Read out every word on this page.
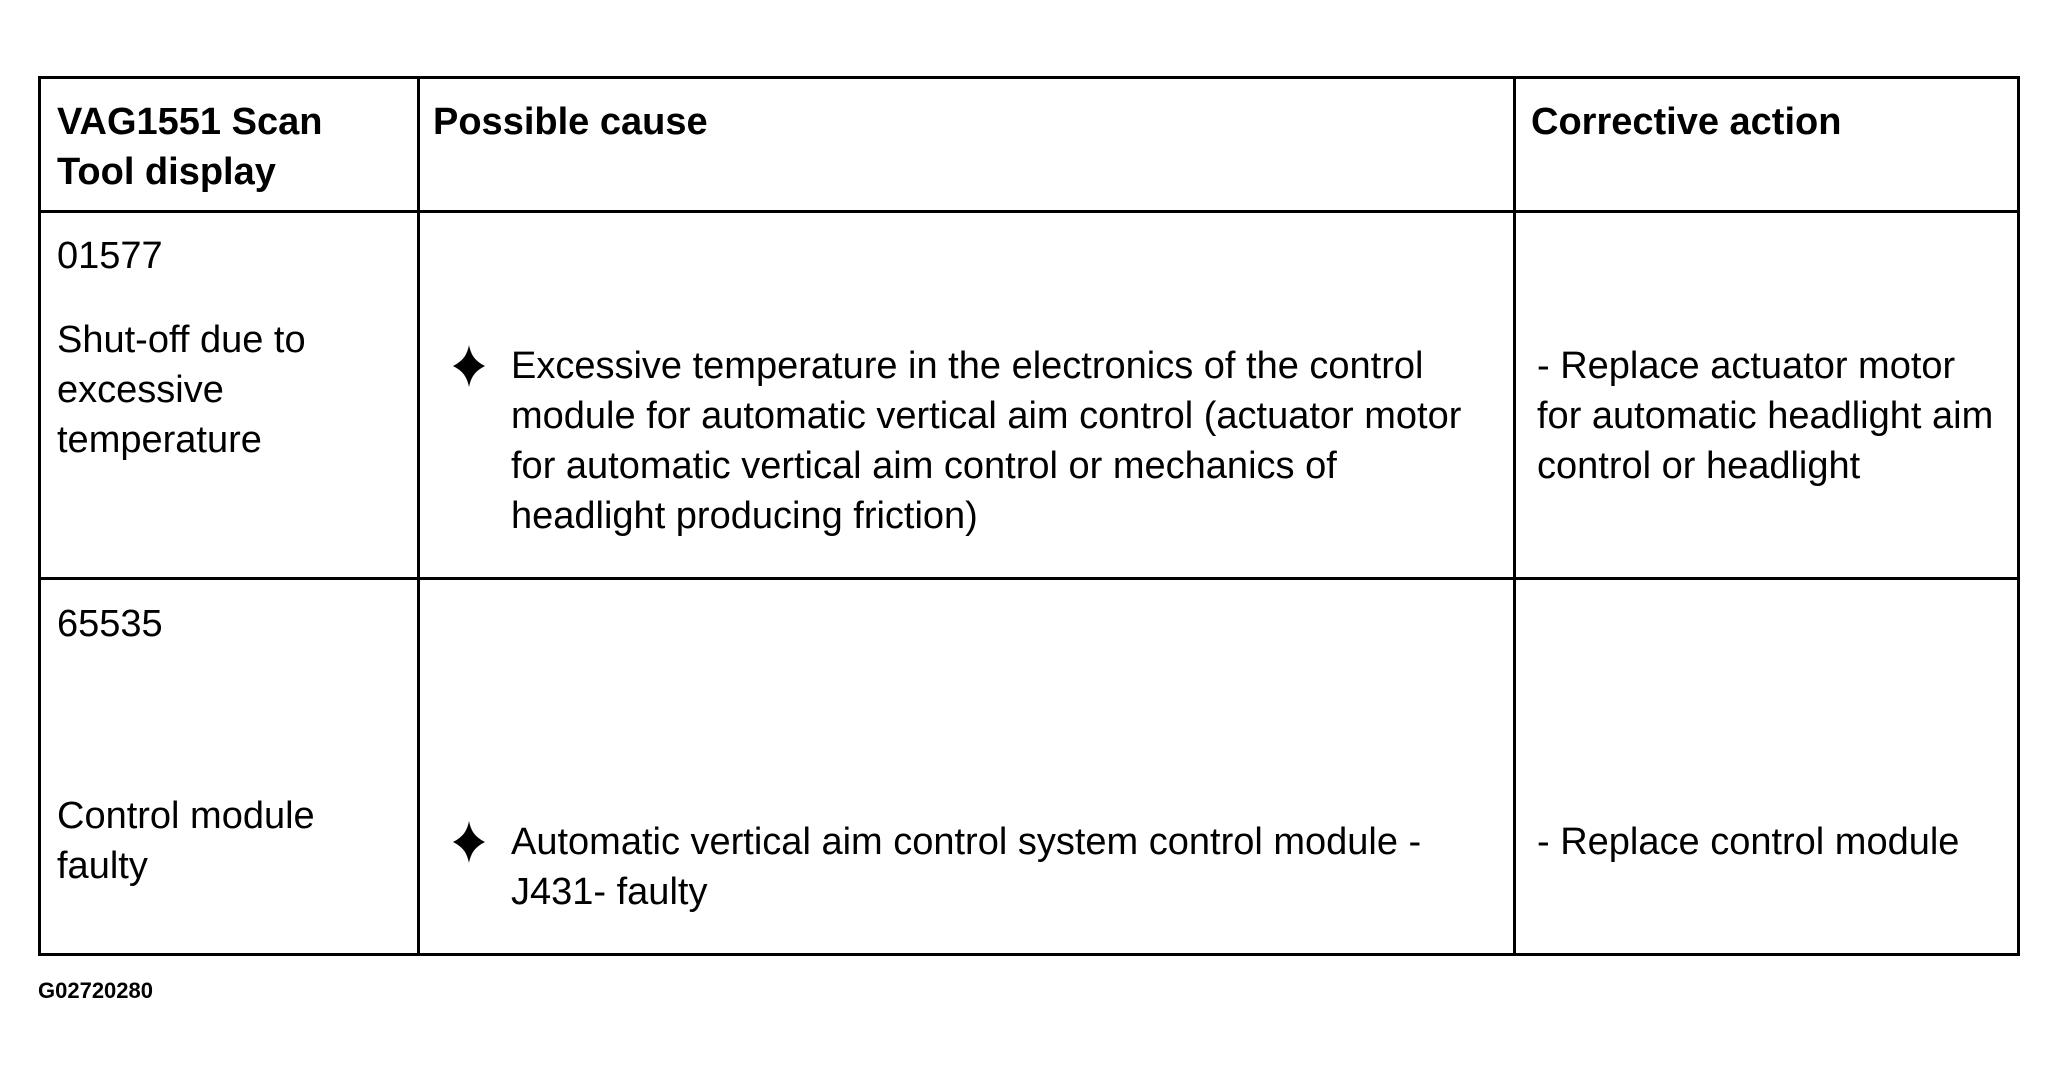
VAG1551 Scan Tool display
Possible cause	Corrective action
01577
Shut-off due to excessive temperature
Excessive temperature in the electronics of the control module for automatic vertical aim control (actuator motor for automatic vertical aim control or mechanics of headlight producing friction)
- Replace actuator motor for automatic headlight aim control or headlight
65535
Control module faulty
Automatic vertical aim control system control module -J431- faulty
- Replace control module
G02720280
